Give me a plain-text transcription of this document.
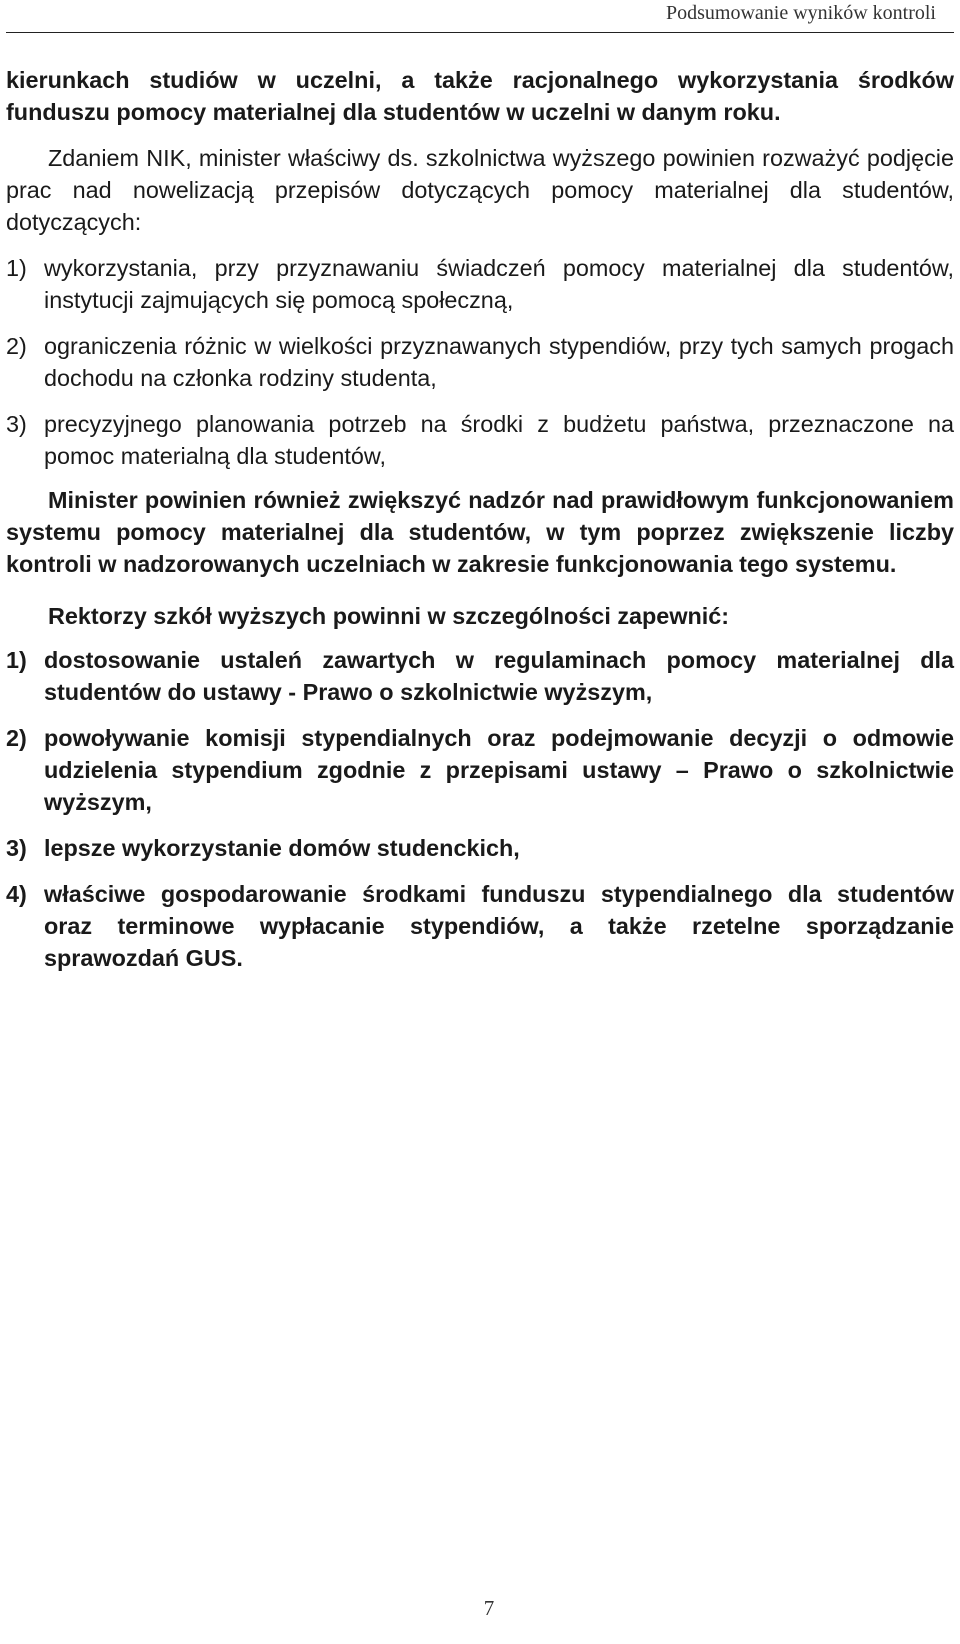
Podsumowanie wyników kontroli

kierunkach studiów w uczelni, a także racjonalnego wykorzystania środków funduszu pomocy materialnej dla studentów w uczelni w danym roku.

Zdaniem NIK, minister właściwy ds. szkolnictwa wyższego powinien rozważyć podjęcie prac nad nowelizacją przepisów dotyczących pomocy materialnej dla studentów, dotyczących:

1) wykorzystania, przy przyznawaniu świadczeń pomocy materialnej dla studentów, instytucji zajmujących się pomocą społeczną,
2) ograniczenia różnic w wielkości przyznawanych stypendiów, przy tych samych progach dochodu na członka rodziny studenta,
3) precyzyjnego planowania potrzeb na środki z budżetu państwa, przeznaczone na pomoc materialną dla studentów,

Minister powinien również zwiększyć nadzór nad prawidłowym funkcjonowaniem systemu pomocy materialnej dla studentów, w tym poprzez zwiększenie liczby kontroli w nadzorowanych uczelniach w zakresie funkcjonowania tego systemu.

Rektorzy szkół wyższych powinni w szczególności zapewnić:

1) dostosowanie ustaleń zawartych w regulaminach pomocy materialnej dla studentów do ustawy - Prawo o szkolnictwie wyższym,
2) powoływanie komisji stypendialnych oraz podejmowanie decyzji o odmowie udzielenia stypendium zgodnie z przepisami ustawy – Prawo o szkolnictwie wyższym,
3) lepsze wykorzystanie domów studenckich,
4) właściwe gospodarowanie środkami funduszu stypendialnego dla studentów oraz terminowe wypłacanie stypendiów, a także rzetelne sporządzanie sprawozdań GUS.
7
